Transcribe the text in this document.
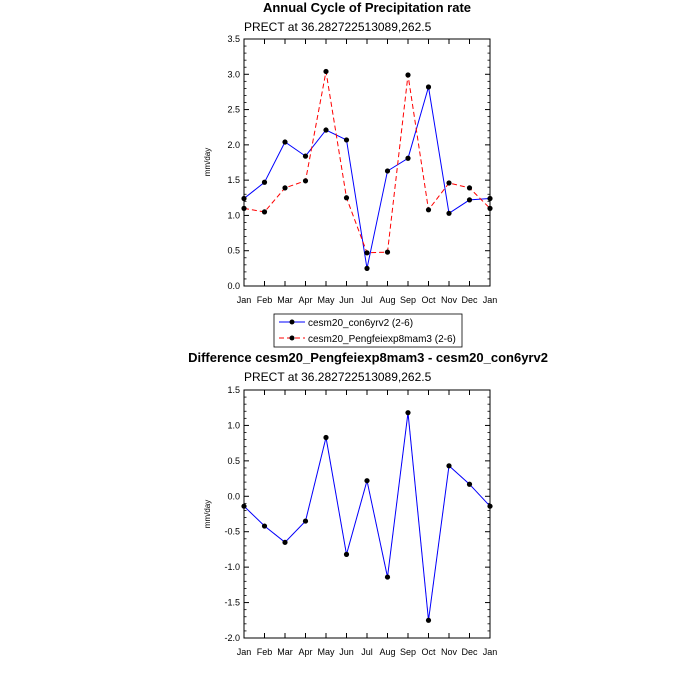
Annual Cycle of Precipitation rate
PRECT at 36.282722513089,262.5
mm/day
0.0
0.5
1.0
1.5
2.0
2.5
3.0
3.5
Jan Feb Mar Apr May Jun Jul Aug Sep Oct Nov Dec Jan
cesm20_con6yrv2 (2-6)
cesm20_Pengfeiexp8mam3 (2-6)
Difference cesm20_Pengfeiexp8mam3 - cesm20_con6yrv2
PRECT at 36.282722513089,262.5
mm/day
-2.0
-1.5
-1.0
-0.5
0.0
0.5
1.0
1.5
Jan Feb Mar Apr May Jun Jul Aug Sep Oct Nov Dec Jan
